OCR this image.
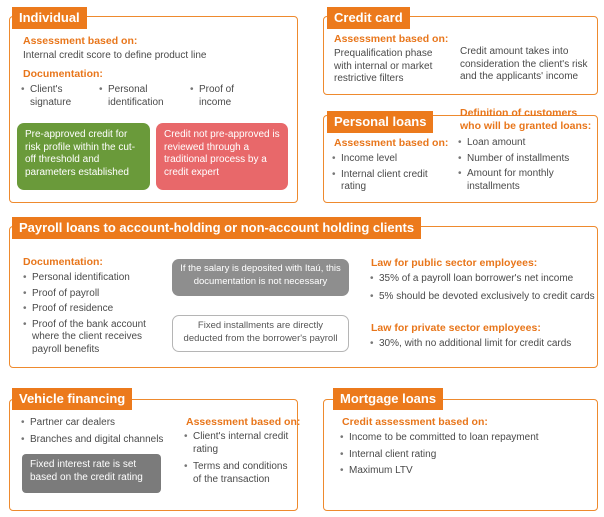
Individual
Assessment based on:
Internal credit score to define product line
Documentation:
• Client's signature
• Personal identification
• Proof of income
Pre-approved credit for risk profile within the cut-off threshold and parameters established
Credit not pre-approved is reviewed through a traditional process by a credit expert
Credit card
Assessment based on:
Prequalification phase with internal or market restrictive filters
Credit amount takes into consideration the client's risk and the applicants' income
Personal loans
Assessment based on:
• Income level
• Internal client credit rating
Definition of customers who will be granted loans:
• Loan amount
• Number of installments
• Amount for monthly installments
Payroll loans to account-holding or non-account holding clients
Documentation:
• Personal identification
• Proof of payroll
• Proof of residence
• Proof of the bank account where the client receives payroll benefits
If the salary is deposited with Itaú, this documentation is not necessary
Fixed installments are directly deducted from the borrower's payroll
Law for public sector employees:
• 35% of a payroll loan borrower's net income
• 5% should be devoted exclusively to credit cards
Law for private sector employees:
• 30%, with no additional limit for credit cards
Vehicle financing
• Partner car dealers
• Branches and digital channels
Fixed interest rate is set based on the credit rating
Assessment based on:
• Client's internal credit rating
• Terms and conditions of the transaction
Mortgage loans
Credit assessment based on:
• Income to be committed to loan repayment
• Internal client rating
• Maximum LTV
